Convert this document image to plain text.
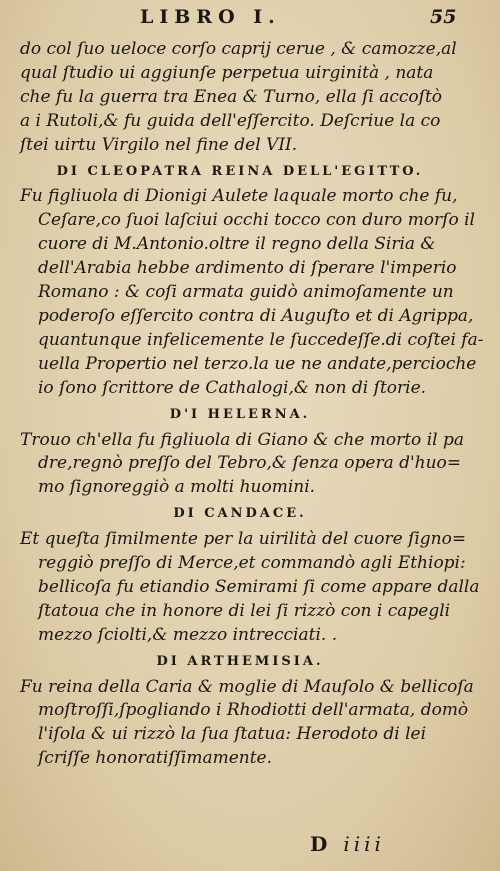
LIBRO I.	55
do col ſuo ueloce corſo caprij cerue , & camozze,al
qual ſtudio ui aggiunſe perpetua uirginità , nata
che fu la guerra tra Enea & Turno, ella ſi accoſtò
a i Rutoli,& fu guida dell'eſſercito. Deſcriue la co
ſtei uirtu Virgilo nel fine del VII.
DI CLEOPATRA REINA DELL'EGITTO.
Fu figliuola di Dionigi Aulete laquale morto che fu,
Ceſare,co ſuoi laſciui occhi tocco con duro morſo il
cuore di M.Antonio.oltre il regno della Siria &
dell'Arabia hebbe ardimento di ſperare l'imperio
Romano : & coſi armata guidò animoſamente un
poderoſo eſſercito contra di Auguſto et di Agrippa,
quantunque infelicemente le ſuccedeſſe.di coſtei fa-
uella Propertio nel terzo.la ue ne andate,percioche
io ſono ſcrittore de Cathalogi,& non di ſtorie.
D'I HELERNA.
Trouo ch'ella fu figliuola di Giano & che morto il pa
dre,regnò preſſo del Tebro,& ſenza opera d'huo=
mo ſignoreggiò a molti huomini.
DI CANDACE.
Et queſta ſimilmente per la uirilità del cuore ſigno=
reggiò preſſo di Merce,et commandò agli Ethiopi:
bellicoſa fu etiandio Semirami ſi come appare dalla
ſtatoua che in honore di lei ſi rizzò con i capegli
mezzo ſciolti,& mezzo intrecciati. .
DI ARTHEMISIA.
Fu reina della Caria & moglie di Mauſolo & bellicoſa
moſtroſſi,ſpogliando i Rhodiotti dell'armata, domò
l'iſola & ui rizzò la ſua ſtatua: Herodoto di lei
ſcriſſe honoratiſſimamente.
D iiii
